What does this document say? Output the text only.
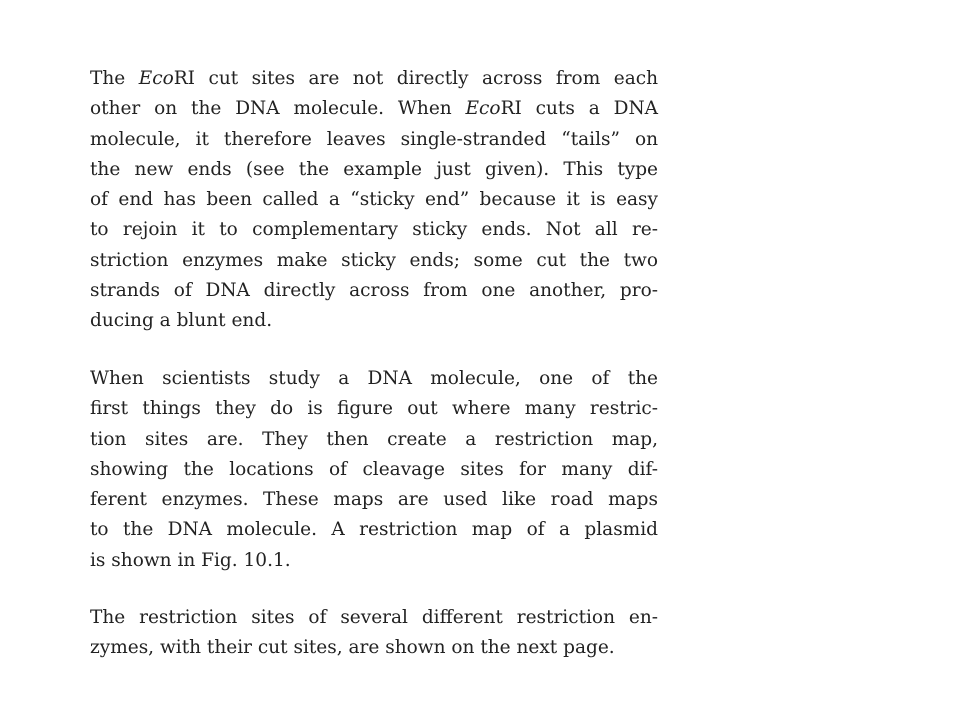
The EcoRI cut sites are not directly across from each
other on the DNA molecule. When EcoRI cuts a DNA
molecule, it therefore leaves single-stranded “tails” on
the new ends (see the example just given). This type
of end has been called a “sticky end” because it is easy
to rejoin it to complementary sticky ends. Not all re-
striction enzymes make sticky ends; some cut the two
strands of DNA directly across from one another, pro-
ducing a blunt end.
When scientists study a DNA molecule, one of the
first things they do is figure out where many restric-
tion sites are. They then create a restriction map,
showing the locations of cleavage sites for many dif-
ferent enzymes. These maps are used like road maps
to the DNA molecule. A restriction map of a plasmid
is shown in Fig. 10.1.
The restriction sites of several different restriction en-
zymes, with their cut sites, are shown on the next page.
